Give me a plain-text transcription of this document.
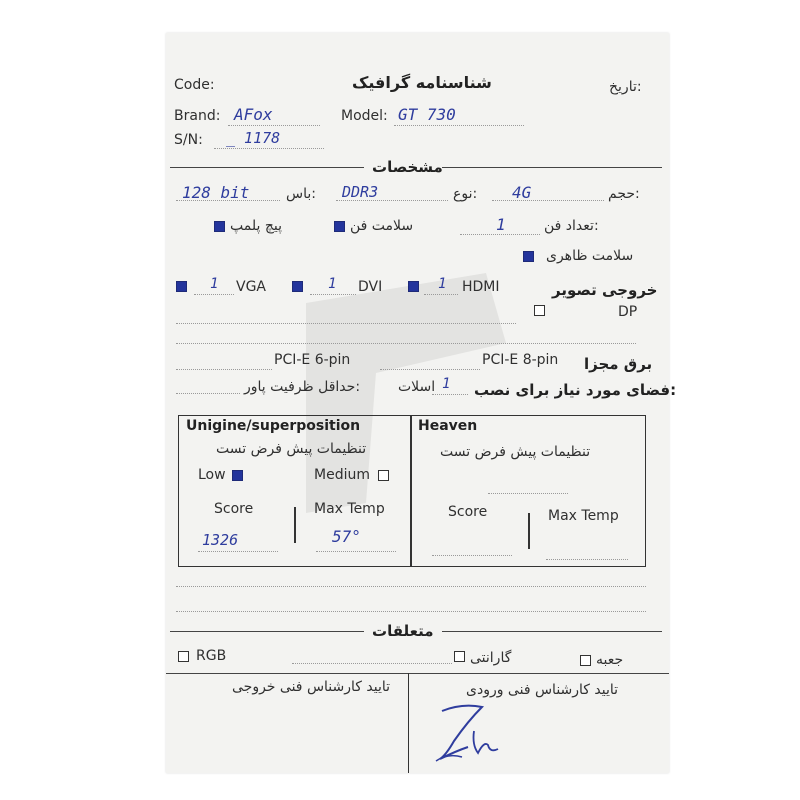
Code:	شناسنامه گرافیک	تاریخ:
Brand: AFox	Model: GT 730
S/N: _ 1178
مشخصات
128 bit	باس: DDR3	نوع: 4G	حجم:
پیچ پلمپ	سلامت فن	1	تعداد فن:
سلامت ظاهری
1 VGA	1 DVI	1 HDMI	خروجی تصویر
DP
PCI-E 6-pin	PCI-E 8-pin برق مجزا
حداقل ظرفیت پاور:	اسلات 1 فضای مورد نیاز برای نصب:
Unigine/superposition
تنظیمات پیش فرض تست
Low	Medium
Score	Max Temp
1326	57°
Heaven
تنظیمات پیش فرض تست
Score	Max Temp
متعلقات
RGB	گارانتی	جعبه
تایید کارشناس فنی خروجی	تایید کارشناس فنی ورودی
